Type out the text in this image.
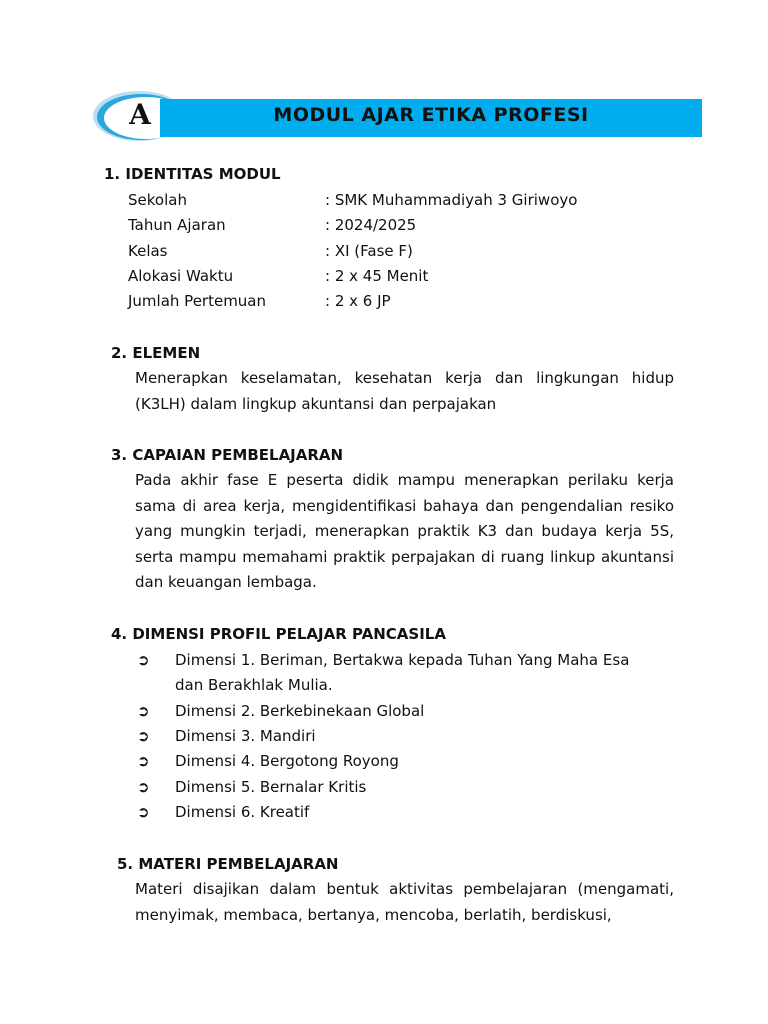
A	MODUL AJAR ETIKA PROFESI
1. IDENTITAS MODUL
Sekolah	: SMK Muhammadiyah 3 Giriwoyo
Tahun Ajaran	: 2024/2025
Kelas	: XI (Fase F)
Alokasi Waktu	: 2 x 45 Menit
Jumlah Pertemuan	: 2 x 6 JP
2. ELEMEN
Menerapkan keselamatan, kesehatan kerja dan lingkungan hidup (K3LH) dalam lingkup akuntansi dan perpajakan
3. CAPAIAN PEMBELAJARAN
Pada akhir fase E peserta didik mampu menerapkan perilaku kerja sama di area kerja, mengidentifikasi bahaya dan pengendalian resiko yang mungkin terjadi, menerapkan praktik K3 dan budaya kerja 5S, serta mampu memahami praktik perpajakan di ruang linkup akuntansi dan keuangan lembaga.
4. DIMENSI PROFIL PELAJAR PANCASILA
➲ Dimensi 1. Beriman, Bertakwa kepada Tuhan Yang Maha Esa
dan Berakhlak Mulia.
➲ Dimensi 2. Berkebinekaan Global
➲ Dimensi 3. Mandiri
➲ Dimensi 4. Bergotong Royong
➲ Dimensi 5. Bernalar Kritis
➲ Dimensi 6. Kreatif
5. MATERI PEMBELAJARAN
Materi disajikan dalam bentuk aktivitas pembelajaran (mengamati, menyimak, membaca, bertanya, mencoba, berlatih, berdiskusi,
